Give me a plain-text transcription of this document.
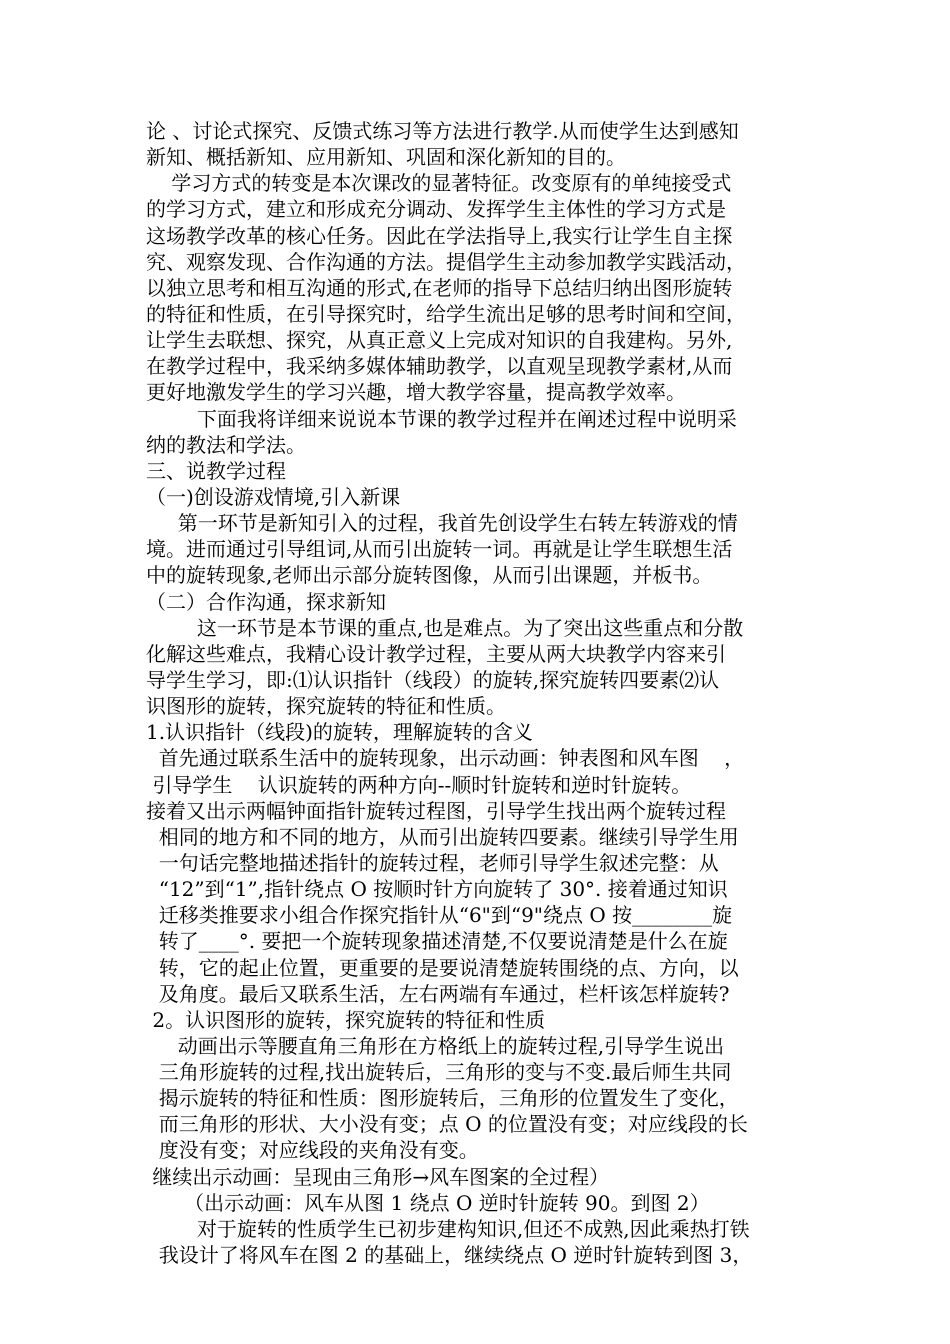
论 、讨论式探究、反馈式练习等方法进行教学.从而使学生达到感知
新知、概括新知、应用新知、巩固和深化新知的目的。
学习方式的转变是本次课改的显著特征。改变原有的单纯接受式
的学习方式，建立和形成充分调动、发挥学生主体性的学习方式是
这场教学改革的核心任务。因此在学法指导上,我实行让学生自主探
究、观察发现、合作沟通的方法。提倡学生主动参加教学实践活动，
以独立思考和相互沟通的形式,在老师的指导下总结归纳出图形旋转
的特征和性质，在引导探究时，给学生流出足够的思考时间和空间，
让学生去联想、探究，从真正意义上完成对知识的自我建构。另外,
在教学过程中，我采纳多媒体辅助教学，以直观呈现教学素材,从而
更好地激发学生的学习兴趣，增大教学容量，提高教学效率。
下面我将详细来说说本节课的教学过程并在阐述过程中说明采
纳的教法和学法。
三、说教学过程
（一)创设游戏情境,引入新课
第一环节是新知引入的过程，我首先创设学生右转左转游戏的情
境。进而通过引导组词,从而引出旋转一词。再就是让学生联想生活
中的旋转现象,老师出示部分旋转图像，从而引出课题，并板书。
（二）合作沟通，探求新知
这一环节是本节课的重点,也是难点。为了突出这些重点和分散
化解这些难点，我精心设计教学过程，主要从两大块教学内容来引
导学生学习，即:⑴认识指针（线段）的旋转,探究旋转四要素⑵认
识图形的旋转，探究旋转的特征和性质。
1.认识指针（线段)的旋转，理解旋转的含义
首先通过联系生活中的旋转现象，出示动画：钟表图和风车图    ，
引导学生    认识旋转的两种方向--顺时针旋转和逆时针旋转。
接着又出示两幅钟面指针旋转过程图，引导学生找出两个旋转过程
相同的地方和不同的地方，从而引出旋转四要素。继续引导学生用
一句话完整地描述指针的旋转过程，老师引导学生叙述完整：从
“12”到“1”,指针绕点 O 按顺时针方向旋转了 30°. 接着通过知识
迁移类推要求小组合作探究指针从“6"到“9"绕点 O 按________旋
转了____°. 要把一个旋转现象描述清楚,不仅要说清楚是什么在旋
转，它的起止位置，更重要的是要说清楚旋转围绕的点、方向，以
及角度。最后又联系生活，左右两端有车通过，栏杆该怎样旋转?
2。认识图形的旋转，探究旋转的特征和性质
动画出示等腰直角三角形在方格纸上的旋转过程,引导学生说出
三角形旋转的过程,找出旋转后，三角形的变与不变.最后师生共同
揭示旋转的特征和性质：图形旋转后，三角形的位置发生了变化，
而三角形的形状、大小没有变；点 O 的位置没有变；对应线段的长
度没有变；对应线段的夹角没有变。
继续出示动画：呈现由三角形→风车图案的全过程）
（出示动画：风车从图 1 绕点 O 逆时针旋转 90。到图 2）
对于旋转的性质学生已初步建构知识,但还不成熟,因此乘热打铁
我设计了将风车在图 2 的基础上，继续绕点 O 逆时针旋转到图 3，
